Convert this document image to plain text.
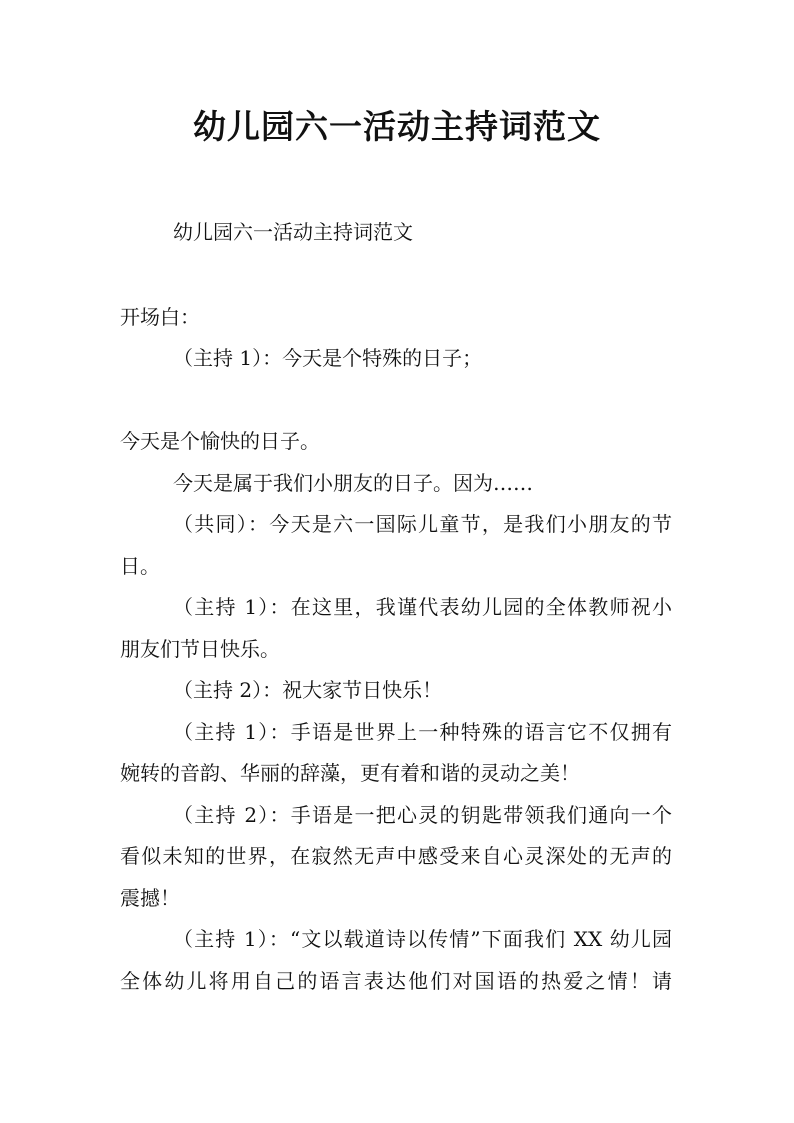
幼儿园六一活动主持词范文
幼儿园六一活动主持词范文
开场白：
（主持 1）：今天是个特殊的日子；
今天是个愉快的日子。
今天是属于我们小朋友的日子。因为……
（共同）：今天是六一国际儿童节，是我们小朋友的节
日。
（主持 1）：在这里，我谨代表幼儿园的全体教师祝小
朋友们节日快乐。
（主持 2）：祝大家节日快乐！
（主持 1）：手语是世界上一种特殊的语言它不仅拥有
婉转的音韵、华丽的辞藻，更有着和谐的灵动之美！
（主持 2）：手语是一把心灵的钥匙带领我们通向一个
看似未知的世界，在寂然无声中感受来自心灵深处的无声的
震撼！
（主持 1）：“文以载道诗以传情”下面我们 XX 幼儿园
全体幼儿将用自己的语言表达他们对国语的热爱之情！请
